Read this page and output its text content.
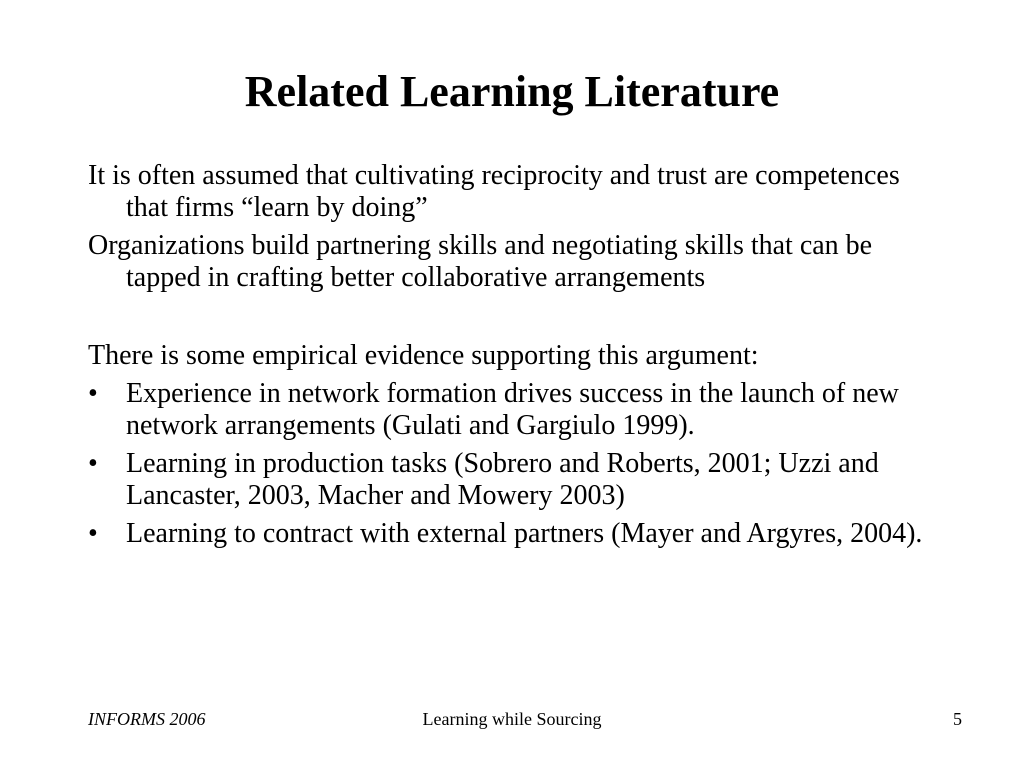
Related Learning Literature

It is often assumed that cultivating reciprocity and trust are competences that firms “learn by doing”

Organizations build partnering skills and negotiating skills that can be tapped in crafting better collaborative arrangements

There is some empirical evidence supporting this argument:

•	Experience in network formation drives success in the launch of new network arrangements (Gulati and Gargiulo 1999).
•	Learning in production tasks (Sobrero and Roberts, 2001; Uzzi and Lancaster, 2003, Macher and Mowery 2003)
•	Learning to contract with external partners (Mayer and Argyres, 2004).
Learning while Sourcing
INFORMS 2006	5
